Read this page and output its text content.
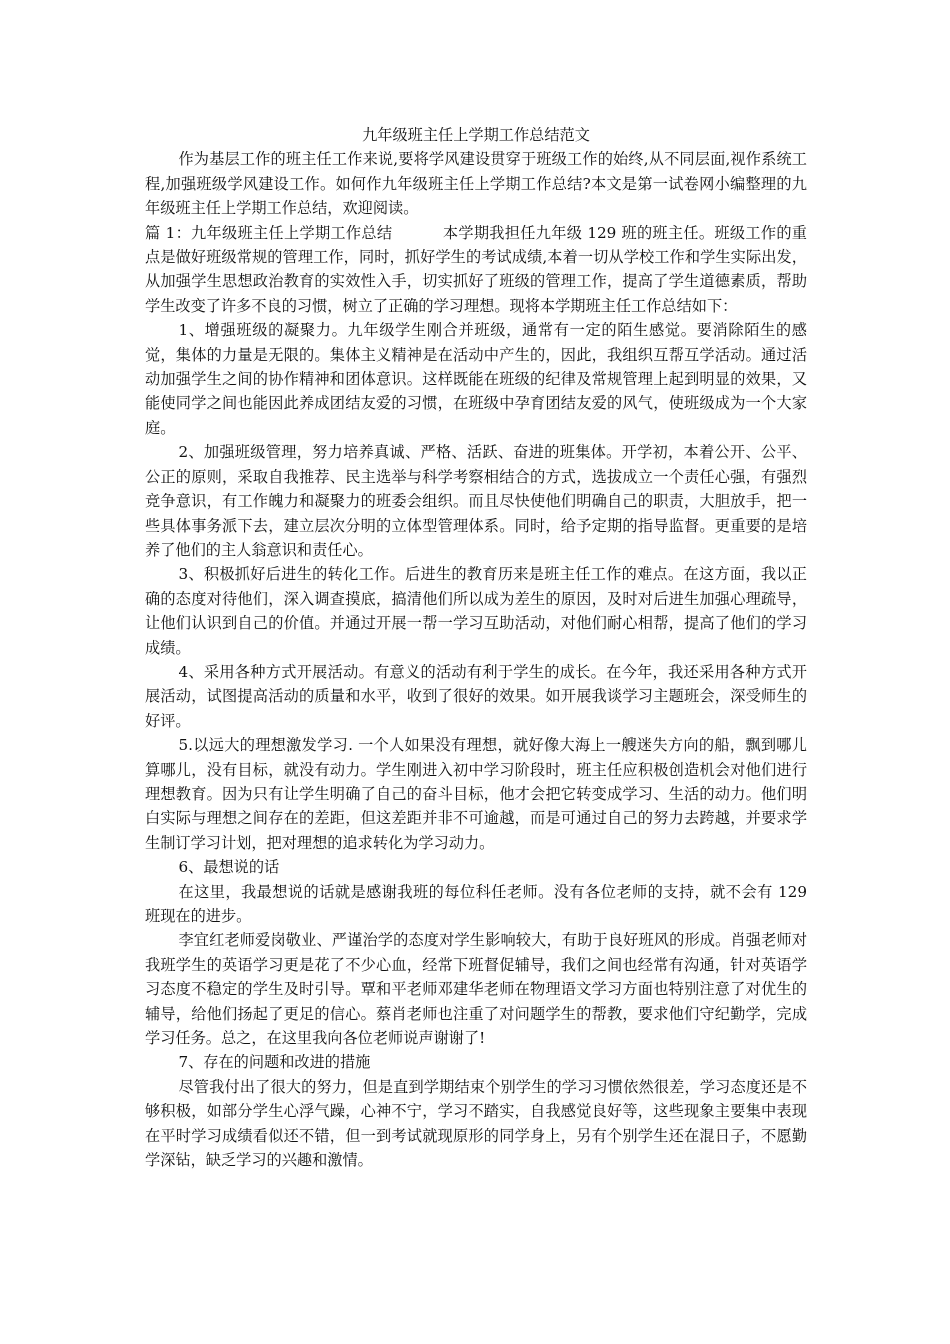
九年级班主任上学期工作总结范文

作为基层工作的班主任工作来说,要将学风建设贯穿于班级工作的始终,从不同层面,视作系统工程,加强班级学风建设工作。如何作九年级班主任上学期工作总结?本文是第一试卷网小编整理的九年级班主任上学期工作总结，欢迎阅读。

篇 1：九年级班主任上学期工作总结	本学期我担任九年级 129 班的班主任。班级工作的重点是做好班级常规的管理工作，同时，抓好学生的考试成绩,本着一切从学校工作和学生实际出发，从加强学生思想政治教育的实效性入手，切实抓好了班级的管理工作，提高了学生道德素质，帮助学生改变了许多不良的习惯，树立了正确的学习理想。现将本学期班主任工作总结如下：

1、增强班级的凝聚力。九年级学生刚合并班级，通常有一定的陌生感觉。要消除陌生的感觉，集体的力量是无限的。集体主义精神是在活动中产生的，因此，我组织互帮互学活动。通过活动加强学生之间的协作精神和团体意识。这样既能在班级的纪律及常规管理上起到明显的效果，又能使同学之间也能因此养成团结友爱的习惯，在班级中孕育团结友爱的风气，使班级成为一个大家庭。

2、加强班级管理，努力培养真诚、严格、活跃、奋进的班集体。开学初，本着公开、公平、公正的原则，采取自我推荐、民主选举与科学考察相结合的方式，选拔成立一个责任心强，有强烈竞争意识，有工作魄力和凝聚力的班委会组织。而且尽快使他们明确自己的职责，大胆放手，把一些具体事务派下去，建立层次分明的立体型管理体系。同时，给予定期的指导监督。更重要的是培养了他们的主人翁意识和责任心。

3、积极抓好后进生的转化工作。后进生的教育历来是班主任工作的难点。在这方面，我以正确的态度对待他们，深入调查摸底，搞清他们所以成为差生的原因，及时对后进生加强心理疏导，让他们认识到自己的价值。并通过开展一帮一学习互助活动，对他们耐心相帮，提高了他们的学习成绩。

4、采用各种方式开展活动。有意义的活动有利于学生的成长。在今年，我还采用各种方式开展活动，试图提高活动的质量和水平，收到了很好的效果。如开展我谈学习主题班会，深受师生的好评。

5.以远大的理想激发学习. 一个人如果没有理想，就好像大海上一艘迷失方向的船，飘到哪儿算哪儿，没有目标，就没有动力。学生刚进入初中学习阶段时，班主任应积极创造机会对他们进行理想教育。因为只有让学生明确了自己的奋斗目标，他才会把它转变成学习、生活的动力。他们明白实际与理想之间存在的差距，但这差距并非不可逾越，而是可通过自己的努力去跨越，并要求学生制订学习计划，把对理想的追求转化为学习动力。

6、最想说的话

在这里，我最想说的话就是感谢我班的每位科任老师。没有各位老师的支持，就不会有 129 班现在的进步。

李宜红老师爱岗敬业、严谨治学的态度对学生影响较大，有助于良好班风的形成。肖强老师对我班学生的英语学习更是花了不少心血，经常下班督促辅导，我们之间也经常有沟通，针对英语学习态度不稳定的学生及时引导。覃和平老师邓建华老师在物理语文学习方面也特别注意了对优生的辅导，给他们扬起了更足的信心。蔡肖老师也注重了对问题学生的帮教，要求他们守纪勤学，完成学习任务。总之，在这里我向各位老师说声谢谢了!

7、存在的问题和改进的措施

尽管我付出了很大的努力，但是直到学期结束个别学生的学习习惯依然很差，学习态度还是不够积极，如部分学生心浮气躁，心神不宁，学习不踏实，自我感觉良好等，这些现象主要集中表现在平时学习成绩看似还不错，但一到考试就现原形的同学身上，另有个别学生还在混日子，不愿勤学深钻，缺乏学习的兴趣和激情。
